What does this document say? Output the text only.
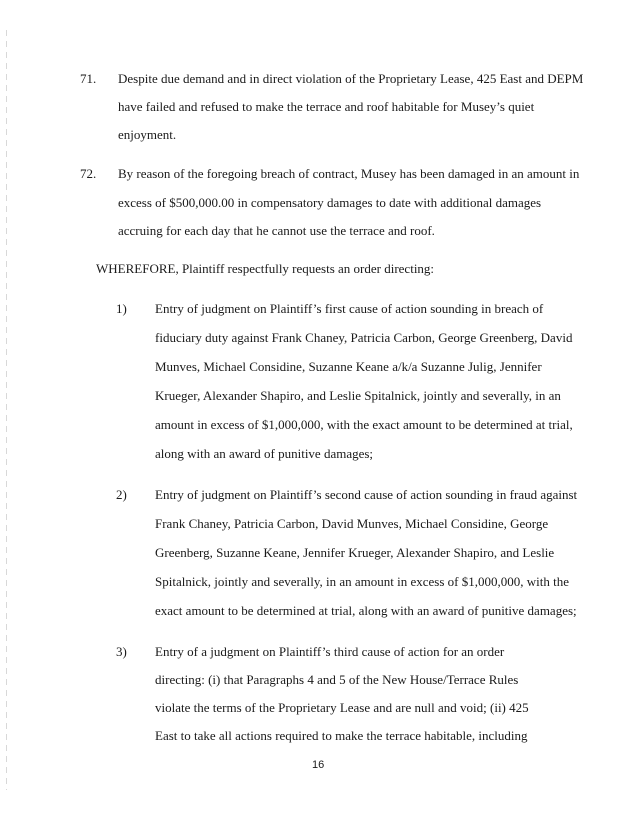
71. Despite due demand and in direct violation of the Proprietary Lease, 425 East and DEPM
have failed and refused to make the terrace and roof habitable for Musey’s quiet
enjoyment.
72. By reason of the foregoing breach of contract, Musey has been damaged in an amount in
excess of $500,000.00 in compensatory damages to date with additional damages
accruing for each day that he cannot use the terrace and roof.
WHEREFORE, Plaintiff respectfully requests an order directing:
1) Entry of judgment on Plaintiff’s first cause of action sounding in breach of
fiduciary duty against Frank Chaney, Patricia Carbon, George Greenberg, David
Munves, Michael Considine, Suzanne Keane a/k/a Suzanne Julig, Jennifer
Krueger, Alexander Shapiro, and Leslie Spitalnick, jointly and severally, in an
amount in excess of $1,000,000, with the exact amount to be determined at trial,
along with an award of punitive damages;
2) Entry of judgment on Plaintiff’s second cause of action sounding in fraud against
Frank Chaney, Patricia Carbon, David Munves, Michael Considine, George
Greenberg, Suzanne Keane, Jennifer Krueger, Alexander Shapiro, and Leslie
Spitalnick, jointly and severally, in an amount in excess of $1,000,000, with the
exact amount to be determined at trial, along with an award of punitive damages;
3) Entry of a judgment on Plaintiff’s third cause of action for an order
directing: (i) that Paragraphs 4 and 5 of the New House/Terrace Rules
violate the terms of the Proprietary Lease and are null and void; (ii) 425
East to take all actions required to make the terrace habitable, including
16
